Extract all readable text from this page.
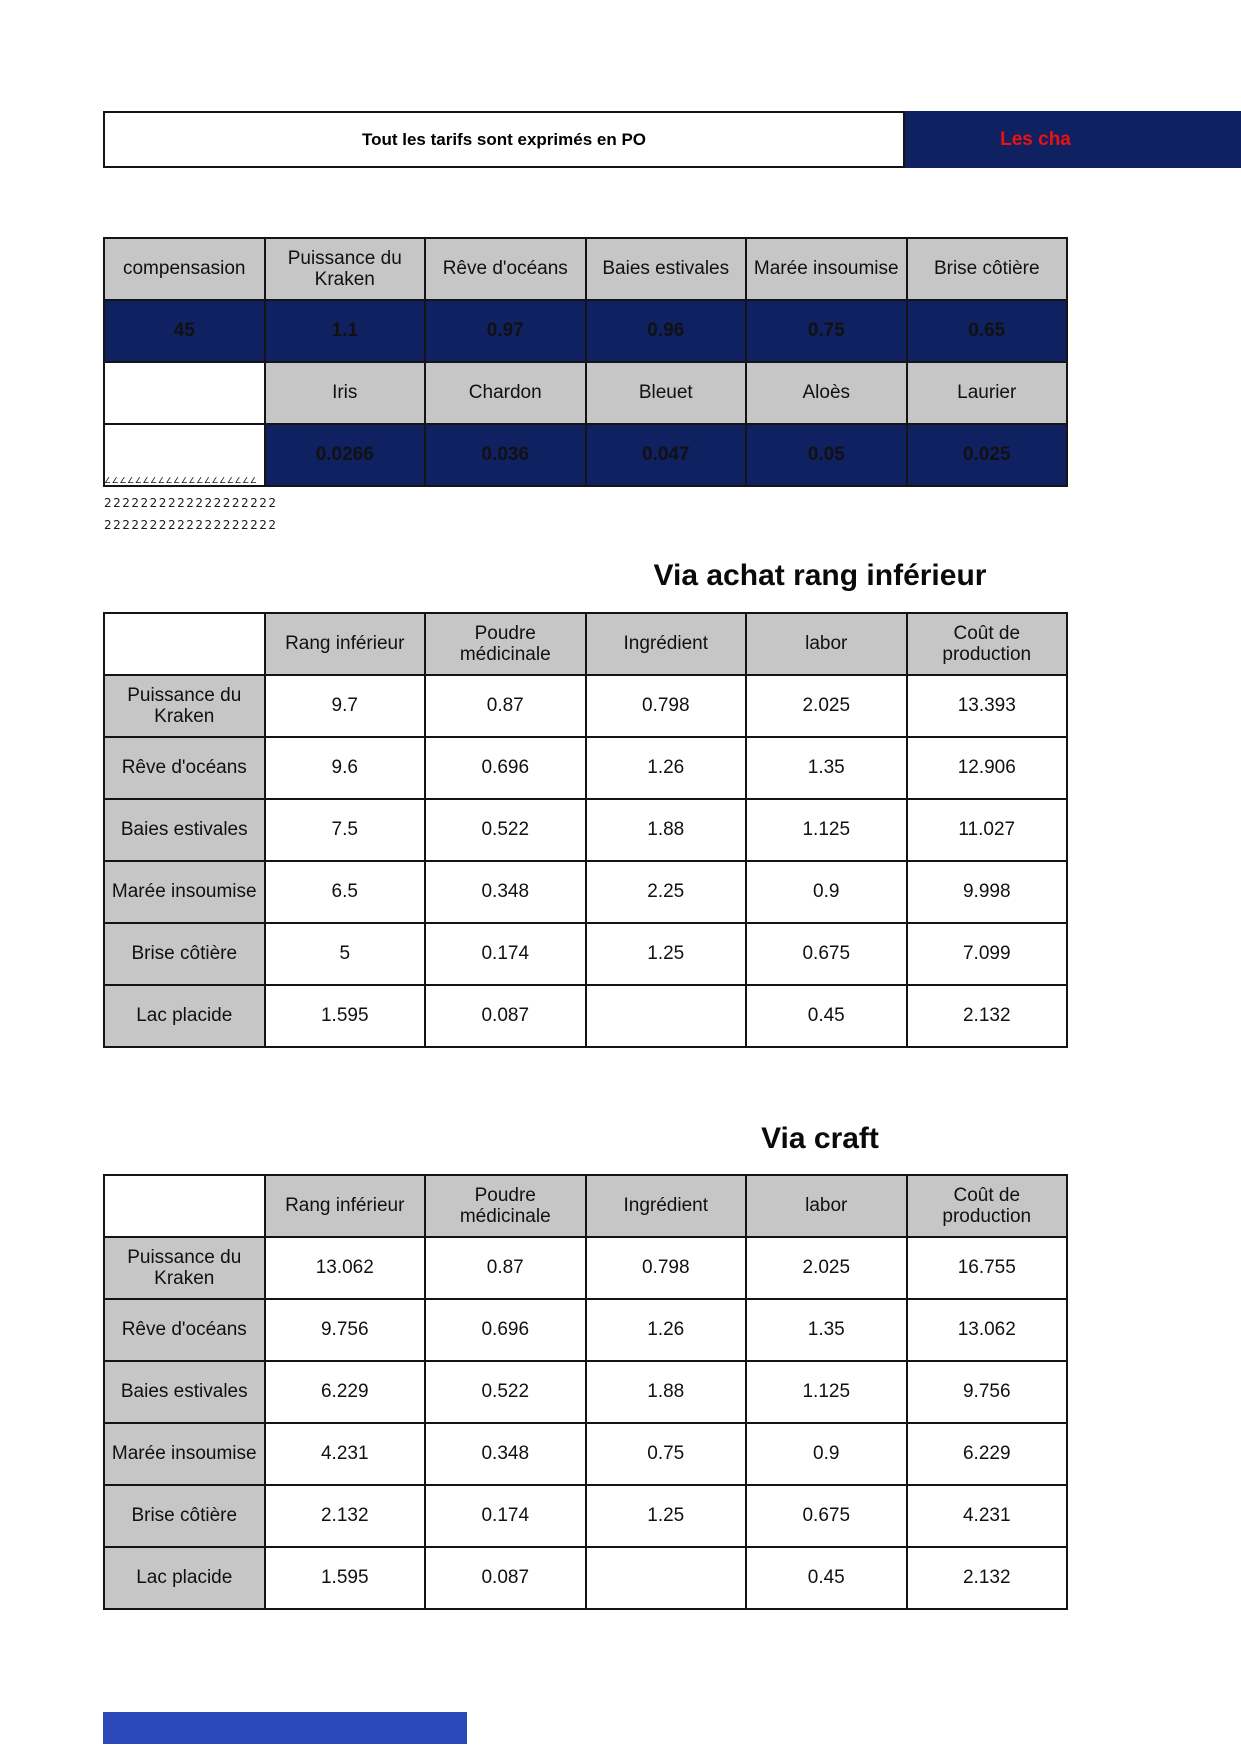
Tout les tarifs sont exprimés en PO	Les cha
compensasion	Puissance du Kraken	Rêve d'océans	Baies estivales	Marée insoumise	Brise côtière
45	1.1	0.97	0.96	0.75	0.65
	Iris	Chardon	Bleuet	Aloès	Laurier
	0.0266	0.036	0.047	0.05	0.025
∠∠∠∠∠∠∠∠∠∠∠∠∠∠∠∠∠∠∠∠
2222222222222222222
2222222222222222222
Via achat rang inférieur
	Rang inférieur	Poudre médicinale	Ingrédient	labor	Coût de production
Puissance du Kraken	9.7	0.87	0.798	2.025	13.393
Rêve d'océans	9.6	0.696	1.26	1.35	12.906
Baies estivales	7.5	0.522	1.88	1.125	11.027
Marée insoumise	6.5	0.348	2.25	0.9	9.998
Brise côtière	5	0.174	1.25	0.675	7.099
Lac placide	1.595	0.087		0.45	2.132
Via craft
	Rang inférieur	Poudre médicinale	Ingrédient	labor	Coût de production
Puissance du Kraken	13.062	0.87	0.798	2.025	16.755
Rêve d'océans	9.756	0.696	1.26	1.35	13.062
Baies estivales	6.229	0.522	1.88	1.125	9.756
Marée insoumise	4.231	0.348	0.75	0.9	6.229
Brise côtière	2.132	0.174	1.25	0.675	4.231
Lac placide	1.595	0.087		0.45	2.132
